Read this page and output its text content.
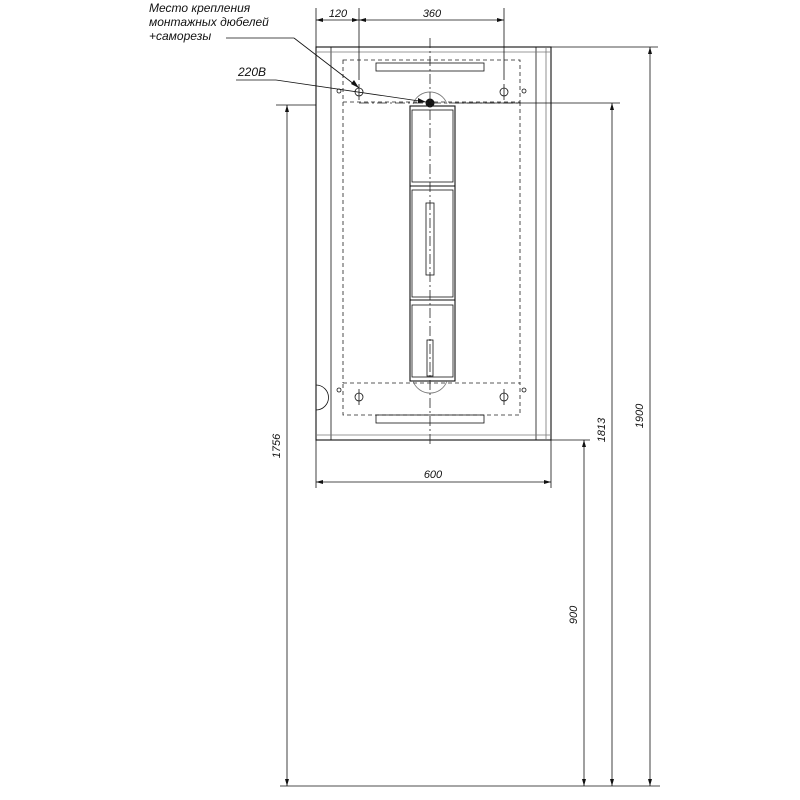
120	360
600
1756
1813
1900
900
Место крепления
монтажных дюбелей
+саморезы
220В
